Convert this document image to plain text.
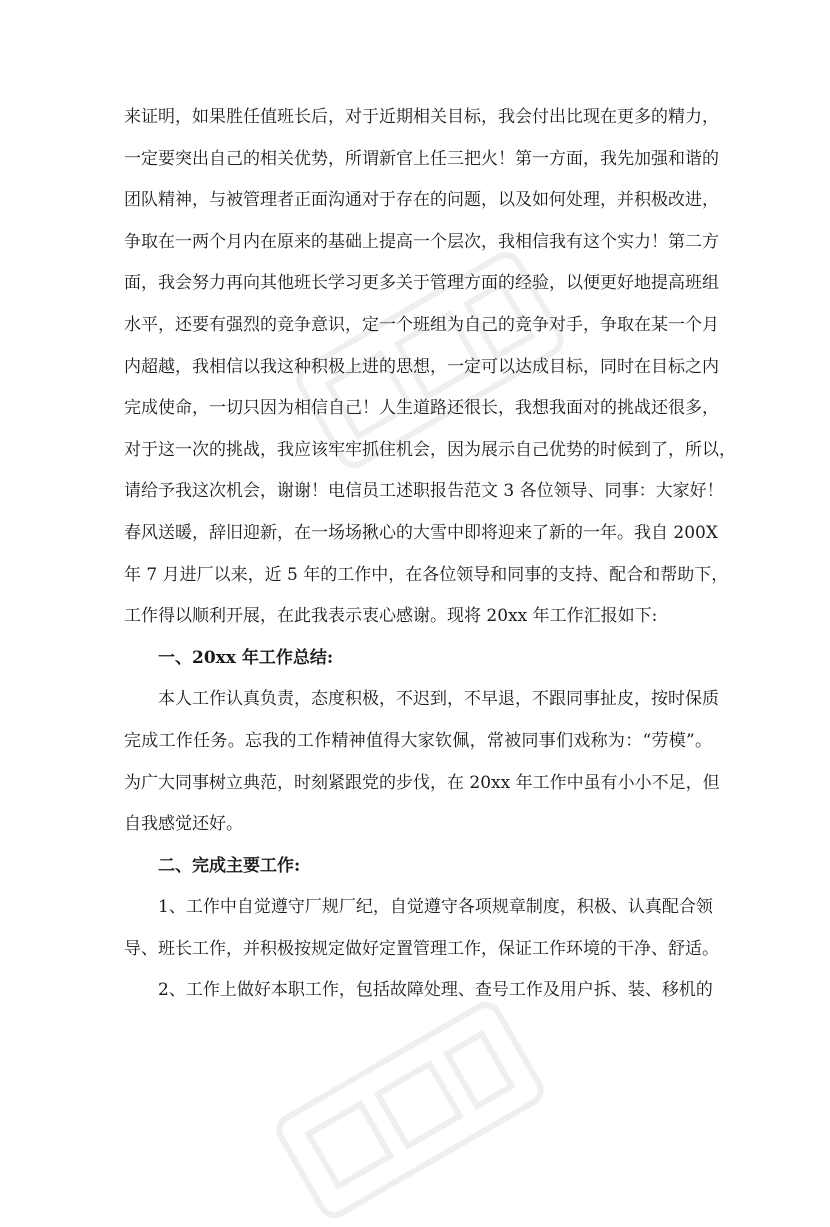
来证明，如果胜任值班长后，对于近期相关目标，我会付出比现在更多的精力，
一定要突出自己的相关优势，所谓新官上任三把火！第一方面，我先加强和谐的
团队精神，与被管理者正面沟通对于存在的问题，以及如何处理，并积极改进，
争取在一两个月内在原来的基础上提高一个层次，我相信我有这个实力！第二方
面，我会努力再向其他班长学习更多关于管理方面的经验，以便更好地提高班组
水平，还要有强烈的竞争意识，定一个班组为自己的竞争对手，争取在某一个月
内超越，我相信以我这种积极上进的思想，一定可以达成目标，同时在目标之内
完成使命，一切只因为相信自己！人生道路还很长，我想我面对的挑战还很多，
对于这一次的挑战，我应该牢牢抓住机会，因为展示自己优势的时候到了，所以，
请给予我这次机会，谢谢！电信员工述职报告范文 3 各位领导、同事：大家好！
春风送暖，辞旧迎新，在一场场揪心的大雪中即将迎来了新的一年。我自 200X
年 7 月进厂以来，近 5 年的工作中，在各位领导和同事的支持、配合和帮助下，
工作得以顺利开展，在此我表示衷心感谢。现将 20xx 年工作汇报如下:
一、20xx 年工作总结:
本人工作认真负责，态度积极，不迟到，不早退，不跟同事扯皮，按时保质
完成工作任务。忘我的工作精神值得大家钦佩，常被同事们戏称为：“劳模”。
为广大同事树立典范，时刻紧跟党的步伐，在 20xx 年工作中虽有小小不足，但
自我感觉还好。
二、完成主要工作:
1、工作中自觉遵守厂规厂纪，自觉遵守各项规章制度，积极、认真配合领
导、班长工作，并积极按规定做好定置管理工作，保证工作环境的干净、舒适。
2、工作上做好本职工作，包括故障处理、查号工作及用户拆、装、移机的
